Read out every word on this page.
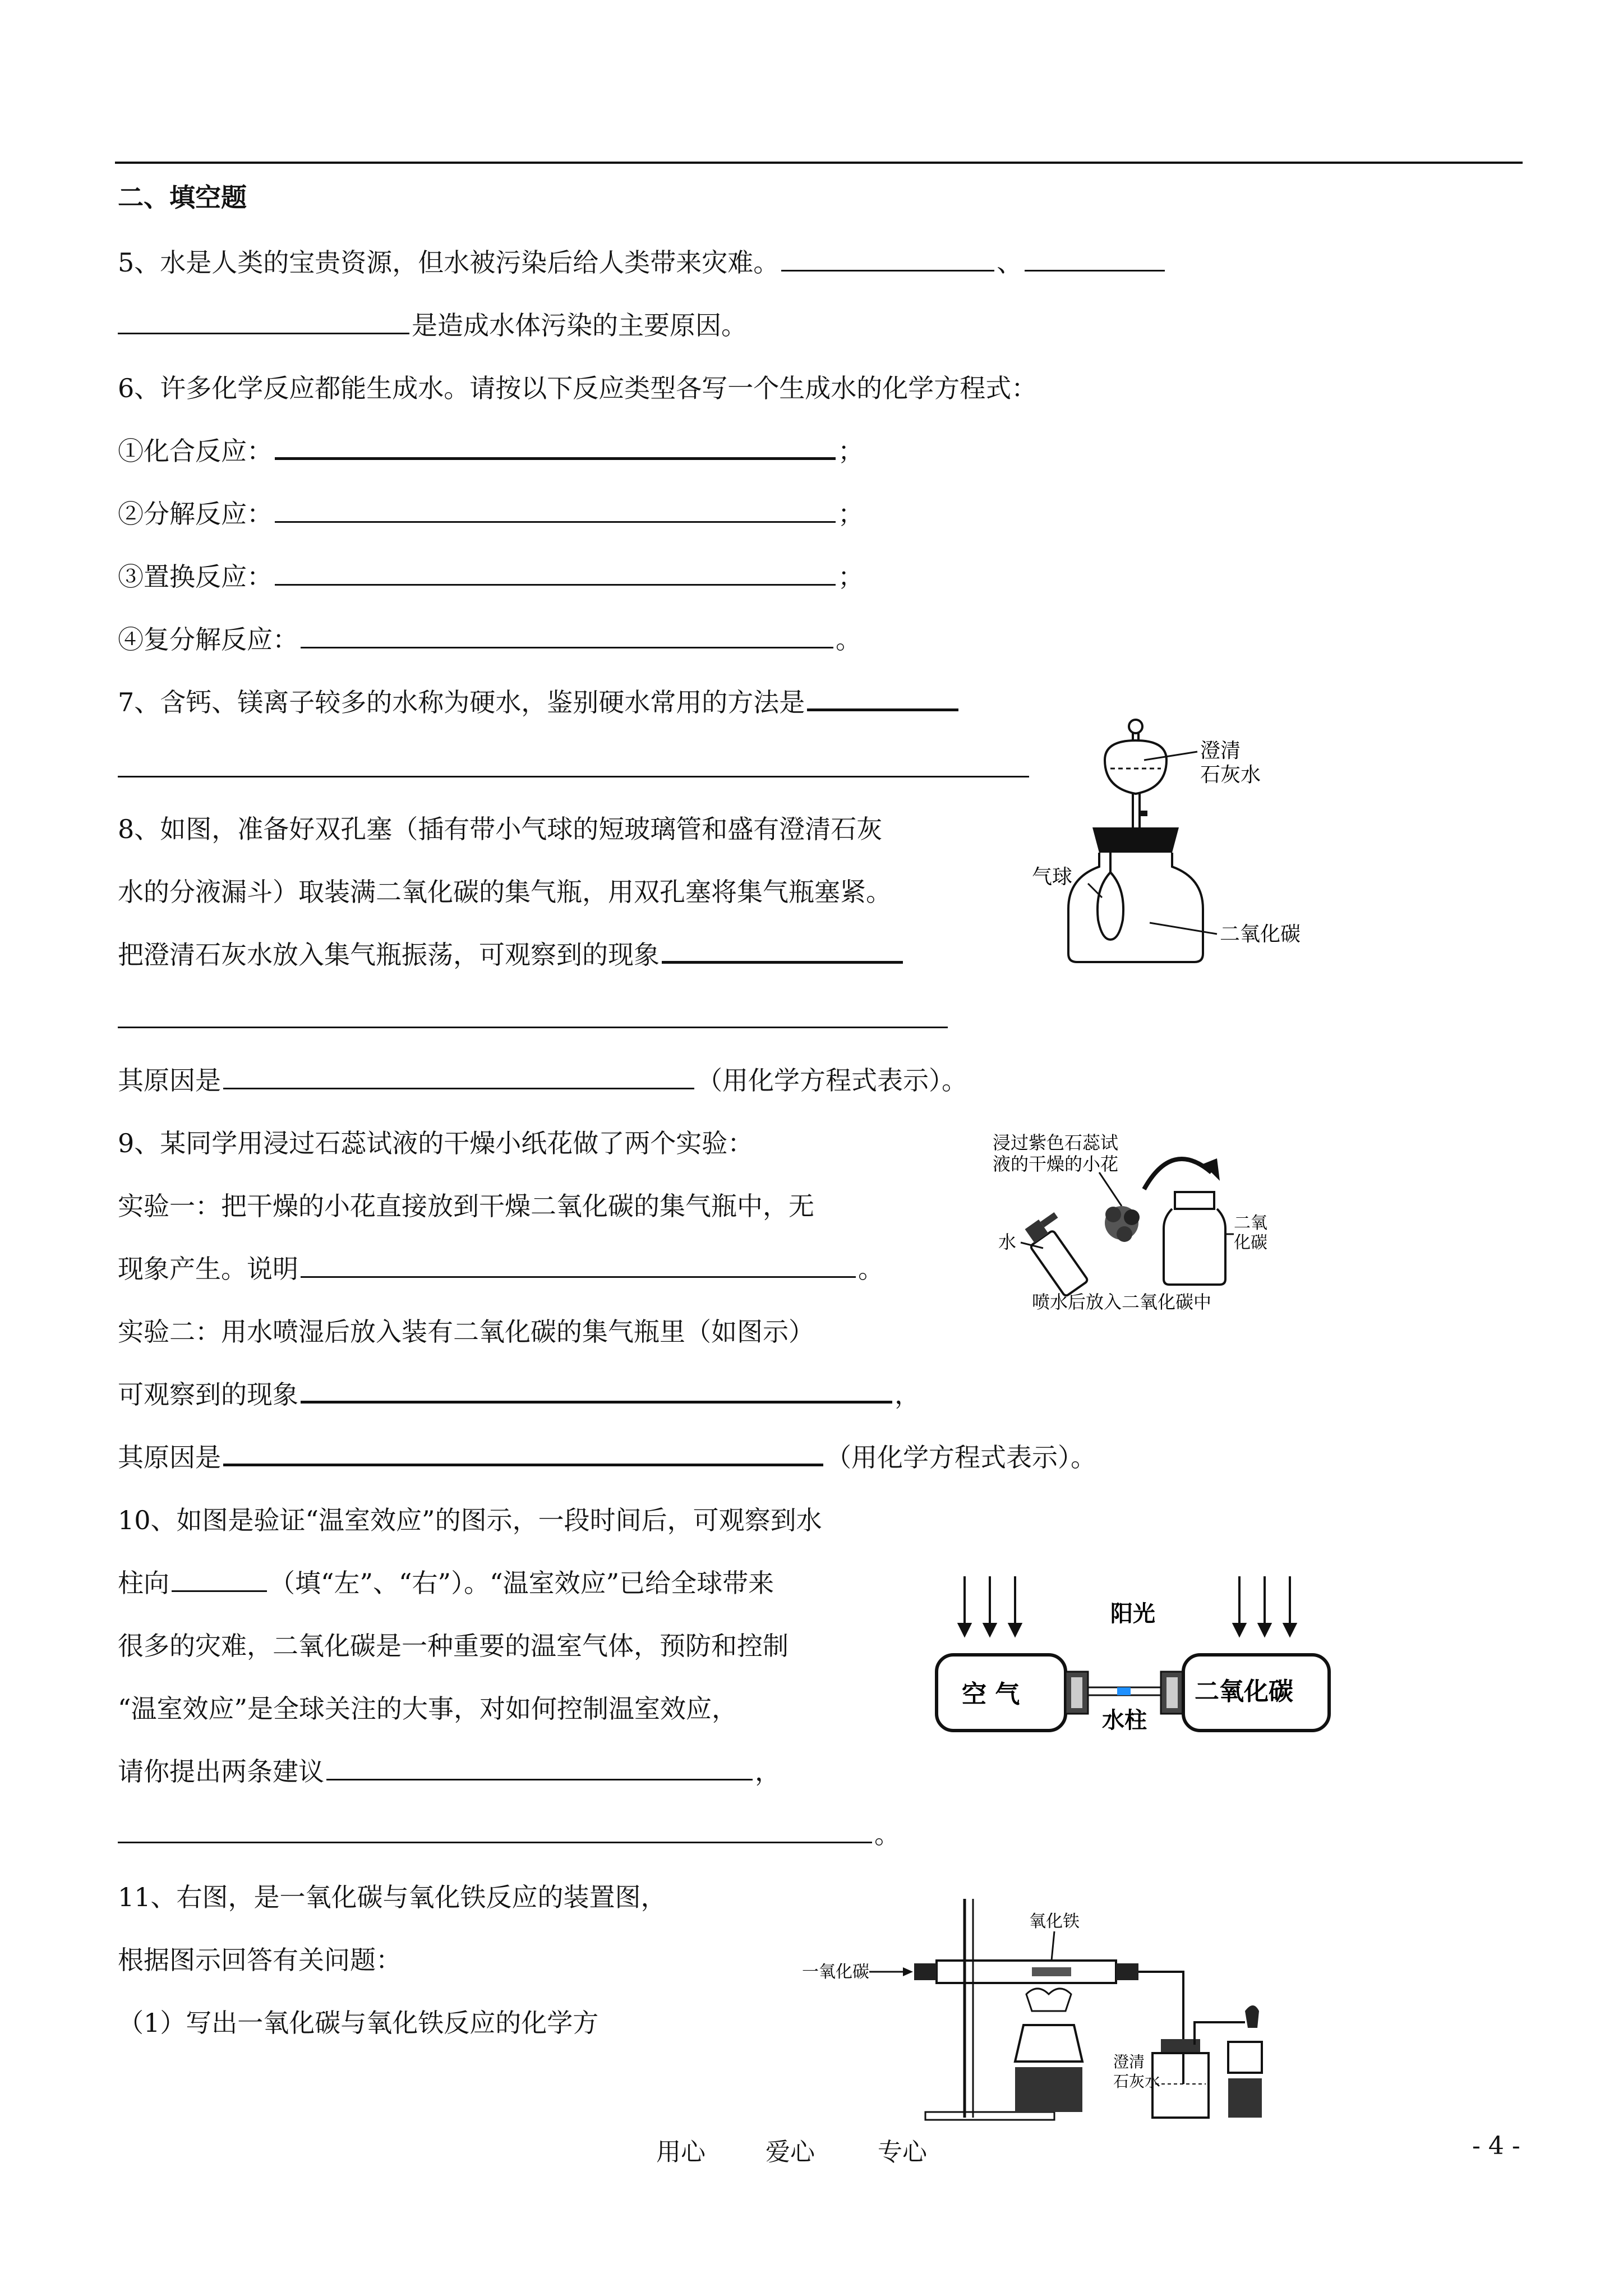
二、填空题
5、水是人类的宝贵资源，但水被污染后给人类带来灾难。	、
是造成水体污染的主要原因。
6、许多化学反应都能生成水。请按以下反应类型各写一个生成水的化学方程式：
①化合反应：	；
②分解反应：	；
③置换反应：	；
④复分解反应：	。
7、含钙、镁离子较多的水称为硬水，鉴别硬水常用的方法是
8、如图，准备好双孔塞（插有带小气球的短玻璃管和盛有澄清石灰
水的分液漏斗）取装满二氧化碳的集气瓶，用双孔塞将集气瓶塞紧。
把澄清石灰水放入集气瓶振荡，可观察到的现象
其原因是	（用化学方程式表示）。
澄清
石灰水
气球
二氧化碳
9、某同学用浸过石蕊试液的干燥小纸花做了两个实验：
实验一：把干燥的小花直接放到干燥二氧化碳的集气瓶中，无
现象产生。说明	。
实验二：用水喷湿后放入装有二氧化碳的集气瓶里（如图示）
可观察到的现象	，
其原因是	（用化学方程式表示）。
浸过紫色石蕊试
液的干燥的小花
水
二氧
化碳
喷水后放入二氧化碳中
10、如图是验证“温室效应”的图示，一段时间后，可观察到水
柱向	（填“左”、“右”）。“温室效应”已给全球带来
很多的灾难，二氧化碳是一种重要的温室气体，预防和控制
“温室效应”是全球关注的大事，对如何控制温室效应，
请你提出两条建议	，
。
阳光
空 气
水柱
二氧化碳
11、右图，是一氧化碳与氧化铁反应的装置图，
根据图示回答有关问题：
（1）写出一氧化碳与氧化铁反应的化学方
一氧化碳
氧化铁
澄清
石灰水
用心 爱心	专心	- 4 -
